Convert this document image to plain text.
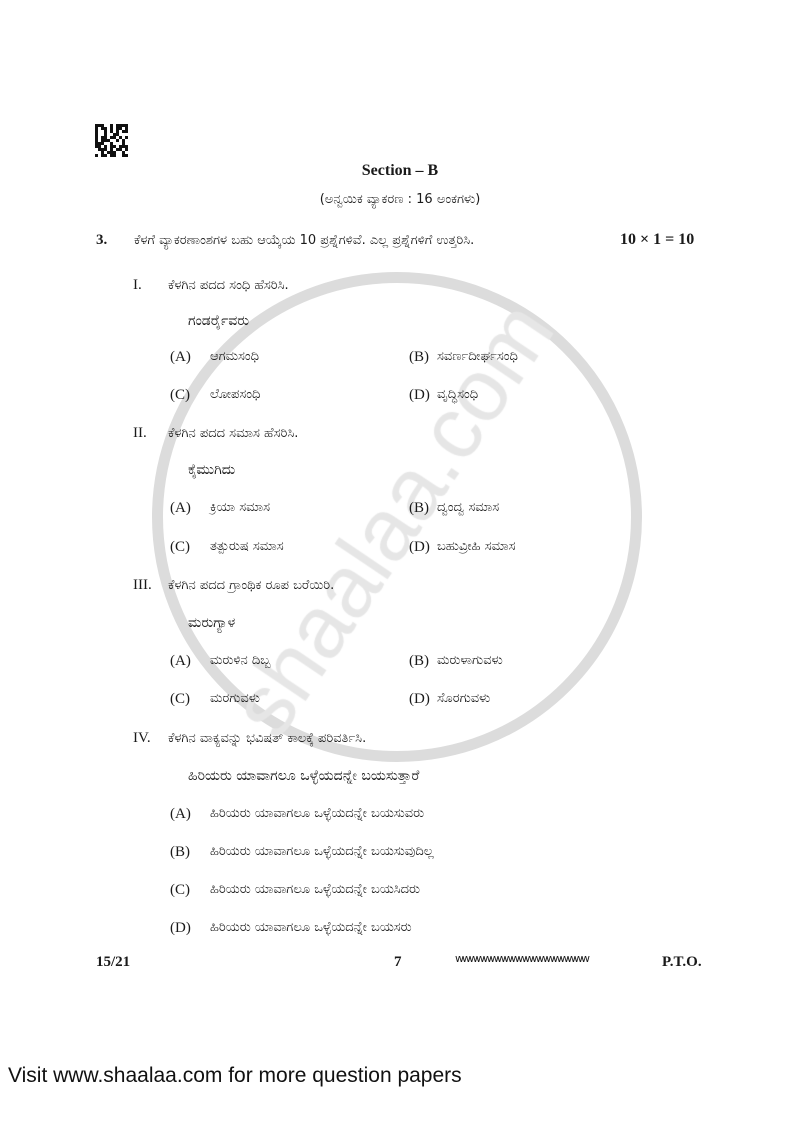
Section – B
(ಅನ್ವಯಿಕ ವ್ಯಾಕರಣ : 16 ಅಂಕಗಳು)
3. ಕೆಳಗೆ ವ್ಯಾಕರಣಾಂಶಗಳ ಬಹು ಆಯ್ಕೆಯ 10 ಪ್ರಶ್ನೆಗಳಿವೆ. ಎಲ್ಲ ಪ್ರಶ್ನೆಗಳಿಗೆ ಉತ್ತರಿಸಿ.	10 × 1 = 10
I. ಕೆಳಗಿನ ಪದದ ಸಂಧಿ ಹೆಸರಿಸಿ.
ಗಂಡರ್ರೈವರು
(A) ಆಗಮಸಂಧಿ	(B) ಸವರ್ಣದೀರ್ಘಸಂಧಿ
(C) ಲೋಪಸಂಧಿ	(D) ವೃದ್ಧಿಸಂಧಿ
II. ಕೆಳಗಿನ ಪದದ ಸಮಾಸ ಹೆಸರಿಸಿ.
ಕೈಮುಗಿದು
(A) ಕ್ರಿಯಾ ಸಮಾಸ	(B) ದ್ವಂದ್ವ ಸಮಾಸ
(C) ತತ್ಪುರುಷ ಸಮಾಸ	(D) ಬಹುವ್ರೀಹಿ ಸಮಾಸ
III. ಕೆಳಗಿನ ಪದದ ಗ್ರಾಂಥಿಕ ರೂಪ ಬರೆಯಿರಿ.
ಮರುಗ್ಯಾಳ
(A) ಮರುಳಿನ ದಿಬ್ಬ	(B) ಮರುಳಾಗುವಳು
(C) ಮರಗುವಳು	(D) ಸೊರಗುವಳು
IV. ಕೆಳಗಿನ ವಾಕ್ಯವನ್ನು ಭವಿಷತ್ ಕಾಲಕ್ಕೆ ಪರಿವರ್ತಿಸಿ.
ಹಿರಿಯರು ಯಾವಾಗಲೂ ಒಳ್ಳೆಯದನ್ನೇ ಬಯಸುತ್ತಾರೆ
(A) ಹಿರಿಯರು ಯಾವಾಗಲೂ ಒಳ್ಳೆಯದನ್ನೇ ಬಯಸುವರು
(B) ಹಿರಿಯರು ಯಾವಾಗಲೂ ಒಳ್ಳೆಯದನ್ನೇ ಬಯಸುವುದಿಲ್ಲ
(C) ಹಿರಿಯರು ಯಾವಾಗಲೂ ಒಳ್ಳೆಯದನ್ನೇ ಬಯಸಿದರು
(D) ಹಿರಿಯರು ಯಾವಾಗಲೂ ಒಳ್ಳೆಯದನ್ನೇ ಬಯಸರು
15/21	7	wwwwwwwwwwwwwwwwwww	P.T.O.
Visit www.shaalaa.com for more question papers
